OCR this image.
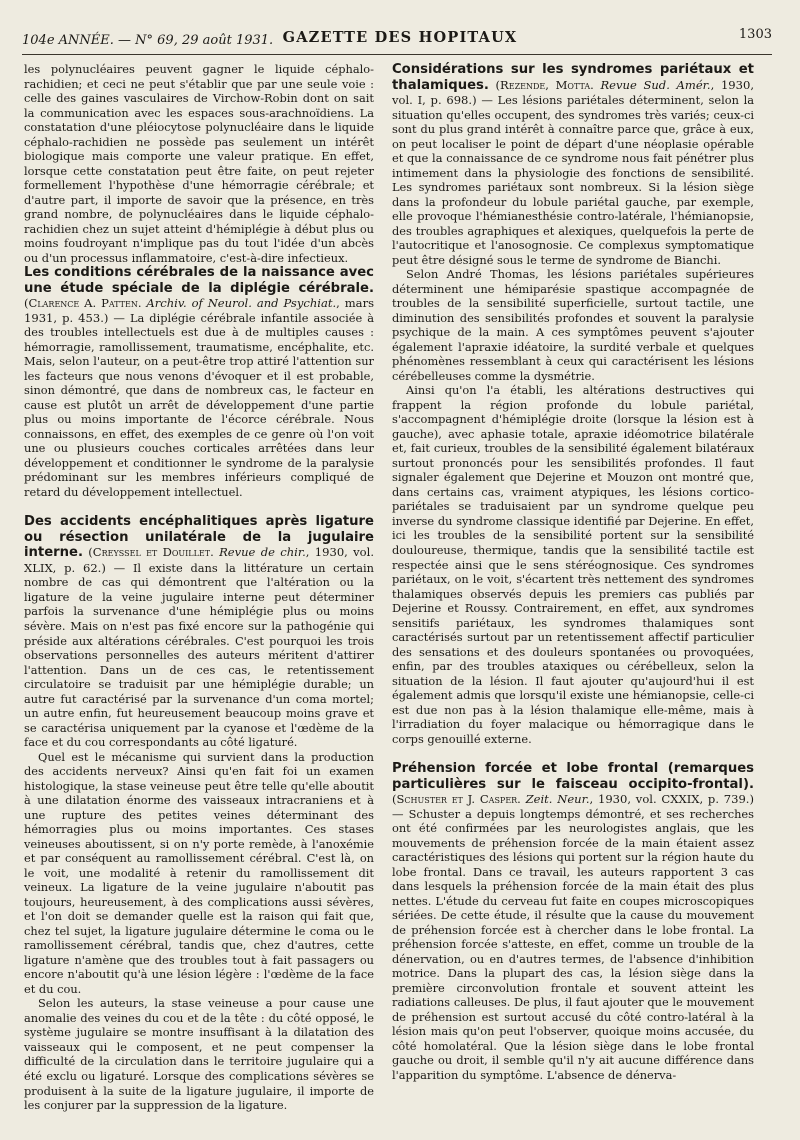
104e ANNÉE. — N° 69, 29 août 1931. GAZETTE DES HOPITAUX	1303

les polynucléaires peuvent gagner le liquide céphalo-rachidien; et ceci ne peut s'établir que par une seule voie : celle des gaines vasculaires de Virchow-Robin dont on sait la communication avec les espaces sous-arachnoïdiens. La constatation d'une pléiocytose polynucléaire dans le liquide céphalo-rachidien ne possède pas seulement un intérêt biologique mais comporte une valeur pratique. En effet, lorsque cette constatation peut être faite, on peut rejeter formellement l'hypothèse d'une hémorragie cérébrale; et d'autre part, il importe de savoir que la présence, en très grand nombre, de polynucléaires dans le liquide céphalo-rachidien chez un sujet atteint d'hémiplégie à début plus ou moins foudroyant n'implique pas du tout l'idée d'un abcès ou d'un processus inflammatoire, c'est-à-dire infectieux.

Les conditions cérébrales de la naissance avec une étude spéciale de la diplégie cérébrale. (Clarence A. Patten. Archiv. of Neurol. and Psychiat., mars 1931, p. 453.) — La diplégie cérébrale infantile associée à des troubles intellectuels est due à de multiples causes : hémorragie, ramollissement, traumatisme, encéphalite, etc. Mais, selon l'auteur, on a peut-être trop attiré l'attention sur les facteurs que nous venons d'évoquer et il est probable, sinon démontré, que dans de nombreux cas, le facteur en cause est plutôt un arrêt de développement d'une partie plus ou moins importante de l'écorce cérébrale. Nous connaissons, en effet, des exemples de ce genre où l'on voit une ou plusieurs couches corticales arrêtées dans leur développement et conditionner le syndrome de la paralysie prédominant sur les membres inférieurs compliqué de retard du développement intellectuel.

Des accidents encéphalitiques après ligature ou résection unilatérale de la jugulaire interne. (Creyssel et Douillet. Revue de chir., 1930, vol. XLIX, p. 62.) — Il existe dans la littérature un certain nombre de cas qui démontrent que l'altération ou la ligature de la veine jugulaire interne peut déterminer parfois la survenance d'une hémiplégie plus ou moins sévère. Mais on n'est pas fixé encore sur la pathogénie qui préside aux altérations cérébrales. C'est pourquoi les trois observations personnelles des auteurs méritent d'attirer l'attention. Dans un de ces cas, le retentissement circulatoire se traduisit par une hémiplégie durable; un autre fut caractérisé par la survenance d'un coma mortel; un autre enfin, fut heureusement beaucoup moins grave et se caractérisa uniquement par la cyanose et l'œdème de la face et du cou correspondants au côté ligaturé.

Quel est le mécanisme qui survient dans la production des accidents nerveux? Ainsi qu'en fait foi un examen histologique, la stase veineuse peut être telle qu'elle aboutit à une dilatation énorme des vaisseaux intracraniens et à une rupture des petites veines déterminant des hémorragies plus ou moins importantes. Ces stases veineuses aboutissent, si on n'y porte remède, à l'anoxémie et par conséquent au ramollissement cérébral. C'est là, on le voit, une modalité à retenir du ramollissement dit veineux. La ligature de la veine jugulaire n'aboutit pas toujours, heureusement, à des complications aussi sévères, et l'on doit se demander quelle est la raison qui fait que, chez tel sujet, la ligature jugulaire détermine le coma ou le ramollissement cérébral, tandis que, chez d'autres, cette ligature n'amène que des troubles tout à fait passagers ou encore n'aboutit qu'à une lésion légère : l'œdème de la face et du cou.

Selon les auteurs, la stase veineuse a pour cause une anomalie des veines du cou et de la tête : du côté opposé, le système jugulaire se montre insuffisant à la dilatation des vaisseaux qui le composent, et ne peut compenser la difficulté de la circulation dans le territoire jugulaire qui a été exclu ou ligaturé. Lorsque des complications sévères se produisent à la suite de la ligature jugulaire, il importe de les conjurer par la suppression de la ligature.

Considérations sur les syndromes pariétaux et thalamiques. (Rezende, Motta. Revue Sud. Amér., 1930, vol. I, p. 698.) — Les lésions pariétales déterminent, selon la situation qu'elles occupent, des syndromes très variés; ceux-ci sont du plus grand intérêt à connaître parce que, grâce à eux, on peut localiser le point de départ d'une néoplasie opérable et que la connaissance de ce syndrome nous fait pénétrer plus intimement dans la physiologie des fonctions de sensibilité. Les syndromes pariétaux sont nombreux. Si la lésion siège dans la profondeur du lobule pariétal gauche, par exemple, elle provoque l'hémianesthésie contro-latérale, l'hémianopsie, des troubles agraphiques et alexiques, quelquefois la perte de l'autocritique et l'anosognosie. Ce complexus symptomatique peut être désigné sous le terme de syndrome de Bianchi.

Selon André Thomas, les lésions pariétales supérieures déterminent une hémiparésie spastique accompagnée de troubles de la sensibilité superficielle, surtout tactile, une diminution des sensibilités profondes et souvent la paralysie psychique de la main. A ces symptômes peuvent s'ajouter également l'apraxie idéatoire, la surdité verbale et quelques phénomènes ressemblant à ceux qui caractérisent les lésions cérébelleuses comme la dysmétrie.

Ainsi qu'on l'a établi, les altérations destructives qui frappent la région profonde du lobule pariétal, s'accompagnent d'hémiplégie droite (lorsque la lésion est à gauche), avec aphasie totale, apraxie idéomotrice bilatérale et, fait curieux, troubles de la sensibilité également bilatéraux surtout prononcés pour les sensibilités profondes. Il faut signaler également que Dejerine et Mouzon ont montré que, dans certains cas, vraiment atypiques, les lésions cortico-pariétales se traduisaient par un syndrome quelque peu inverse du syndrome classique identifié par Dejerine. En effet, ici les troubles de la sensibilité portent sur la sensibilité douloureuse, thermique, tandis que la sensibilité tactile est respectée ainsi que le sens stéréognosique. Ces syndromes pariétaux, on le voit, s'écartent très nettement des syndromes thalamiques observés depuis les premiers cas publiés par Dejerine et Roussy. Contrairement, en effet, aux syndromes sensitifs pariétaux, les syndromes thalamiques sont caractérisés surtout par un retentissement affectif particulier des sensations et des douleurs spontanées ou provoquées, enfin, par des troubles ataxiques ou cérébelleux, selon la situation de la lésion. Il faut ajouter qu'aujourd'hui il est également admis que lorsqu'il existe une hémianopsie, celle-ci est due non pas à la lésion thalamique elle-même, mais à l'irradiation du foyer malacique ou hémorragique dans le corps genouillé externe.

Préhension forcée et lobe frontal (remarques particulières sur le faisceau occipito-frontal). (Schuster et J. Casper. Zeit. Neur., 1930, vol. CXXIX, p. 739.) — Schuster a depuis longtemps démontré, et ses recherches ont été confirmées par les neurologistes anglais, que les mouvements de préhension forcée de la main étaient assez caractéristiques des lésions qui portent sur la région haute du lobe frontal. Dans ce travail, les auteurs rapportent 3 cas dans lesquels la préhension forcée de la main était des plus nettes. L'étude du cerveau fut faite en coupes microscopiques sériées. De cette étude, il résulte que la cause du mouvement de préhension forcée est à chercher dans le lobe frontal. La préhension forcée s'atteste, en effet, comme un trouble de la dénervation, ou en d'autres termes, de l'absence d'inhibition motrice. Dans la plupart des cas, la lésion siège dans la première circonvolution frontale et souvent atteint les radiations calleuses. De plus, il faut ajouter que le mouvement de préhension est surtout accusé du côté contro-latéral à la lésion mais qu'on peut l'observer, quoique moins accusée, du côté homolatéral. Que la lésion siège dans le lobe frontal gauche ou droit, il semble qu'il n'y ait aucune différence dans l'apparition du symptôme. L'absence de dénerva-
